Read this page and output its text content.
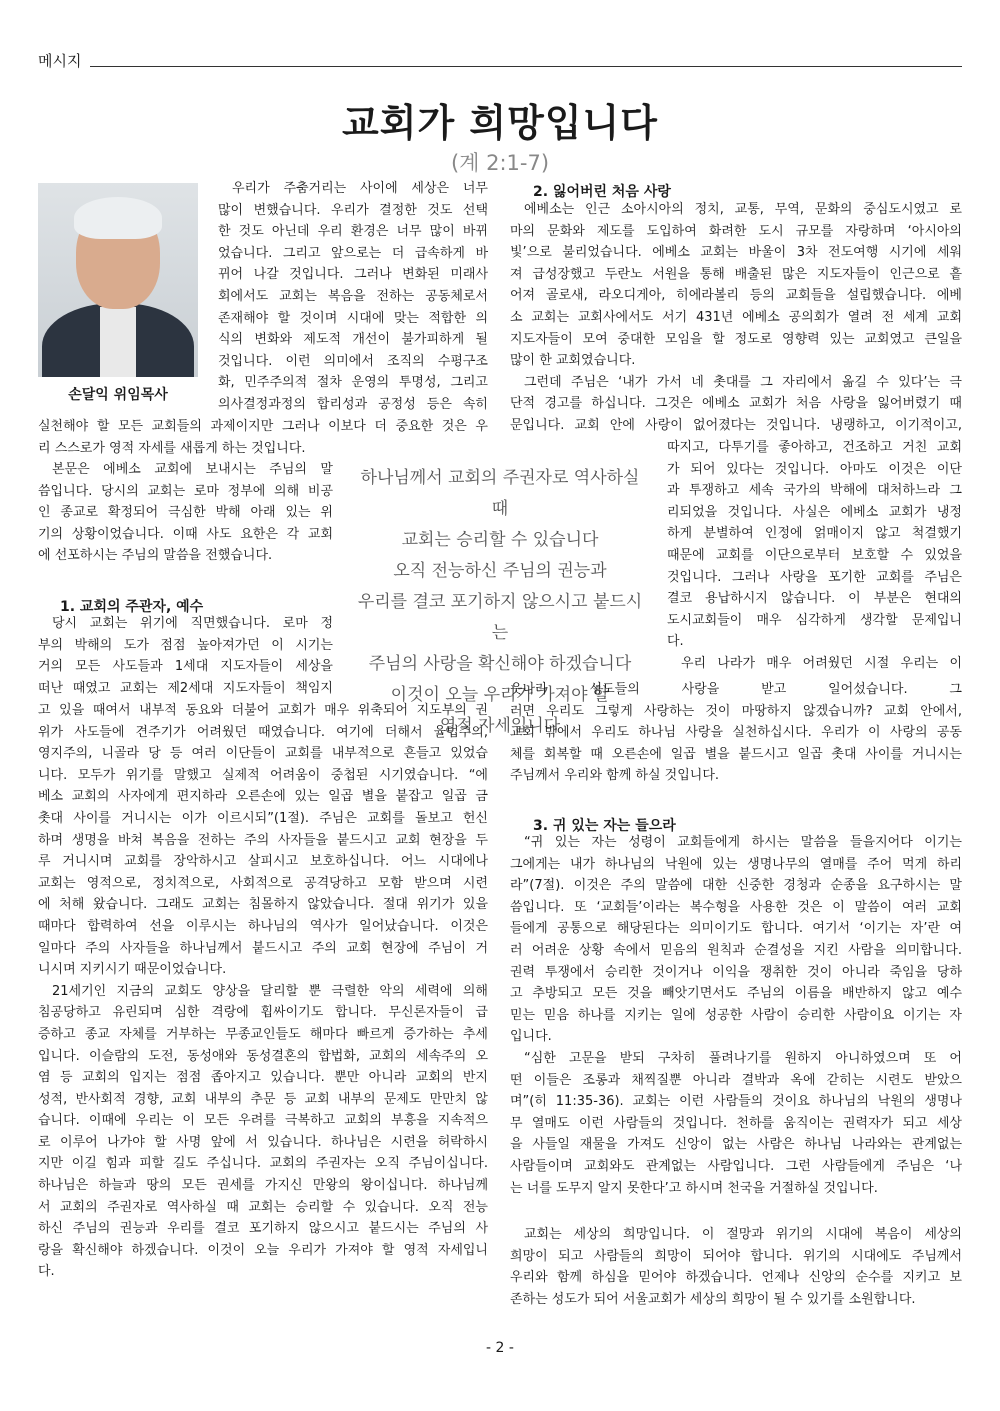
메시지
교회가 희망입니다
(계 2:1-7)
손달익 위임목사
우리가 주춤거리는 사이에 세상은 너무
많이 변했습니다. 우리가 결정한 것도 선택
한 것도 아닌데 우리 환경은 너무 많이 바뀌
었습니다. 그리고 앞으로는 더 급속하게 바
뀌어 나갈 것입니다. 그러나 변화된 미래사
회에서도 교회는 복음을 전하는 공동체로서
존재해야 할 것이며 시대에 맞는 적합한 의
식의 변화와 제도적 개선이 불가피하게 될
것입니다. 이런 의미에서 조직의 수평구조
화, 민주주의적 절차 운영의 투명성, 그리고
의사결정과정의 합리성과 공정성 등은 속히
실천해야 할 모든 교회들의 과제이지만 그러나 이보다 더 중요한 것은 우
리 스스로가 영적 자세를 새롭게 하는 것입니다.
본문은 에베소 교회에 보내시는 주님의 말
씀입니다. 당시의 교회는 로마 정부에 의해 비공
인 종교로 확정되어 극심한 박해 아래 있는 위
기의 상황이었습니다. 이때 사도 요한은 각 교회
에 선포하시는 주님의 말씀을 전했습니다.
1. 교회의 주관자, 예수
당시 교회는 위기에 직면했습니다. 로마 정
부의 박해의 도가 점점 높아져가던 이 시기는
거의 모든 사도들과 1세대 지도자들이 세상을
떠난 때였고 교회는 제2세대 지도자들이 책임지
고 있을 때여서 내부적 동요와 더불어 교회가 매우 위축되어 지도부의 권
위가 사도들에 견주기가 어려웠던 때였습니다. 여기에 더해서 율법주의,
영지주의, 니골라 당 등 여러 이단들이 교회를 내부적으로 흔들고 있었습
니다. 모두가 위기를 말했고 실제적 어려움이 중첩된 시기였습니다. “에
베소 교회의 사자에게 편지하라 오른손에 있는 일곱 별을 붙잡고 일곱 금
촛대 사이를 거니시는 이가 이르시되”(1절). 주님은 교회를 돌보고 헌신
하며 생명을 바쳐 복음을 전하는 주의 사자들을 붙드시고 교회 현장을 두
루 거니시며 교회를 장악하시고 살피시고 보호하십니다. 어느 시대에나
교회는 영적으로, 정치적으로, 사회적으로 공격당하고 모함 받으며 시련
에 처해 왔습니다. 그래도 교회는 침몰하지 않았습니다. 절대 위기가 있을
때마다 합력하여 선을 이루시는 하나님의 역사가 일어났습니다. 이것은
일마다 주의 사자들을 하나님께서 붙드시고 주의 교회 현장에 주님이 거
니시며 지키시기 때문이었습니다.
21세기인 지금의 교회도 양상을 달리할 뿐 극렬한 악의 세력에 의해
침공당하고 유린되며 심한 격랑에 휩싸이기도 합니다. 무신론자들이 급
증하고 종교 자체를 거부하는 무종교인들도 해마다 빠르게 증가하는 추세
입니다. 이슬람의 도전, 동성애와 동성결혼의 합법화, 교회의 세속주의 오
염 등 교회의 입지는 점점 좁아지고 있습니다. 뿐만 아니라 교회의 반지
성적, 반사회적 경향, 교회 내부의 추문 등 교회 내부의 문제도 만만치 않
습니다. 이때에 우리는 이 모든 우려를 극복하고 교회의 부흥을 지속적으
로 이루어 나가야 할 사명 앞에 서 있습니다. 하나님은 시련을 허락하시
지만 이길 힘과 피할 길도 주십니다. 교회의 주권자는 오직 주님이십니다.
하나님은 하늘과 땅의 모든 권세를 가지신 만왕의 왕이십니다. 하나님께
서 교회의 주권자로 역사하실 때 교회는 승리할 수 있습니다. 오직 전능
하신 주님의 권능과 우리를 결코 포기하지 않으시고 붙드시는 주님의 사
랑을 확신해야 하겠습니다. 이것이 오늘 우리가 가져야 할 영적 자세입니
다.
하나님께서 교회의 주권자로 역사하실 때
교회는 승리할 수 있습니다
오직 전능하신 주님의 권능과
우리를 결코 포기하지 않으시고 붙드시는
주님의 사랑을 확신해야 하겠습니다
이것이 오늘 우리가 가져야 할
영적 자세입니다
2. 잃어버린 처음 사랑
에베소는 인근 소아시아의 정치, 교통, 무역, 문화의 중심도시였고 로
마의 문화와 제도를 도입하여 화려한 도시 규모를 자랑하며 ‘아시아의
빛’으로 불리었습니다. 에베소 교회는 바울이 3차 전도여행 시기에 세워
져 급성장했고 두란노 서원을 통해 배출된 많은 지도자들이 인근으로 흩
어져 골로새, 라오디게아, 히에라볼리 등의 교회들을 설립했습니다. 에베
소 교회는 교회사에서도 서기 431년 에베소 공의회가 열려 전 세계 교회
지도자들이 모여 중대한 모임을 할 정도로 영향력 있는 교회였고 큰일을
많이 한 교회였습니다.
그런데 주님은 ‘내가 가서 네 촛대를 그 자리에서 옮길 수 있다’는 극
단적 경고를 하십니다. 그것은 에베소 교회가 처음 사랑을 잃어버렸기 때
문입니다. 교회 안에 사랑이 없어졌다는 것입니다. 냉랭하고, 이기적이고,
따지고, 다투기를 좋아하고, 건조하고 거친 교회
가 되어 있다는 것입니다. 아마도 이것은 이단
과 투쟁하고 세속 국가의 박해에 대처하느라 그
리되었을 것입니다. 사실은 에베소 교회가 냉정
하게 분별하여 인정에 얽매이지 않고 척결했기
때문에 교회를 이단으로부터 보호할 수 있었을
것입니다. 그러나 사랑을 포기한 교회를 주님은
결코 용납하시지 않습니다. 이 부분은 현대의
도시교회들이 매우 심각하게 생각할 문제입니
다.
우리 나라가 매우 어려웠던 시절 우리는 이
웃나라 성도들의 사랑을 받고 일어섰습니다. 그
러면 우리도 그렇게 사랑하는 것이 마땅하지 않겠습니까? 교회 안에서,
교회 밖에서 우리도 하나님 사랑을 실천하십시다. 우리가 이 사랑의 공동
체를 회복할 때 오른손에 일곱 별을 붙드시고 일곱 촛대 사이를 거니시는
주님께서 우리와 함께 하실 것입니다.
3. 귀 있는 자는 들으라
“귀 있는 자는 성령이 교회들에게 하시는 말씀을 들을지어다 이기는
그에게는 내가 하나님의 낙원에 있는 생명나무의 열매를 주어 먹게 하리
라”(7절). 이것은 주의 말씀에 대한 신중한 경청과 순종을 요구하시는 말
씀입니다. 또 ‘교회들’이라는 복수형을 사용한 것은 이 말씀이 여러 교회
들에게 공통으로 해당된다는 의미이기도 합니다. 여기서 ‘이기는 자’란 여
러 어려운 상황 속에서 믿음의 원칙과 순결성을 지킨 사람을 의미합니다.
권력 투쟁에서 승리한 것이거나 이익을 쟁취한 것이 아니라 죽임을 당하
고 추방되고 모든 것을 빼앗기면서도 주님의 이름을 배반하지 않고 예수
믿는 믿음 하나를 지키는 일에 성공한 사람이 승리한 사람이요 이기는 자
입니다.
“심한 고문을 받되 구차히 풀려나기를 원하지 아니하였으며 또 어
떤 이들은 조롱과 채찍질뿐 아니라 결박과 옥에 갇히는 시련도 받았으
며”(히 11:35-36). 교회는 이런 사람들의 것이요 하나님의 낙원의 생명나
무 열매도 이런 사람들의 것입니다. 천하를 움직이는 권력자가 되고 세상
을 사들일 재물을 가져도 신앙이 없는 사람은 하나님 나라와는 관계없는
사람들이며 교회와도 관계없는 사람입니다. 그런 사람들에게 주님은 ‘나
는 너를 도무지 알지 못한다’고 하시며 천국을 거절하실 것입니다.
교회는 세상의 희망입니다. 이 절망과 위기의 시대에 복음이 세상의
희망이 되고 사람들의 희망이 되어야 합니다. 위기의 시대에도 주님께서
우리와 함께 하심을 믿어야 하겠습니다. 언제나 신앙의 순수를 지키고 보
존하는 성도가 되어 서울교회가 세상의 희망이 될 수 있기를 소원합니다.
- 2 -
